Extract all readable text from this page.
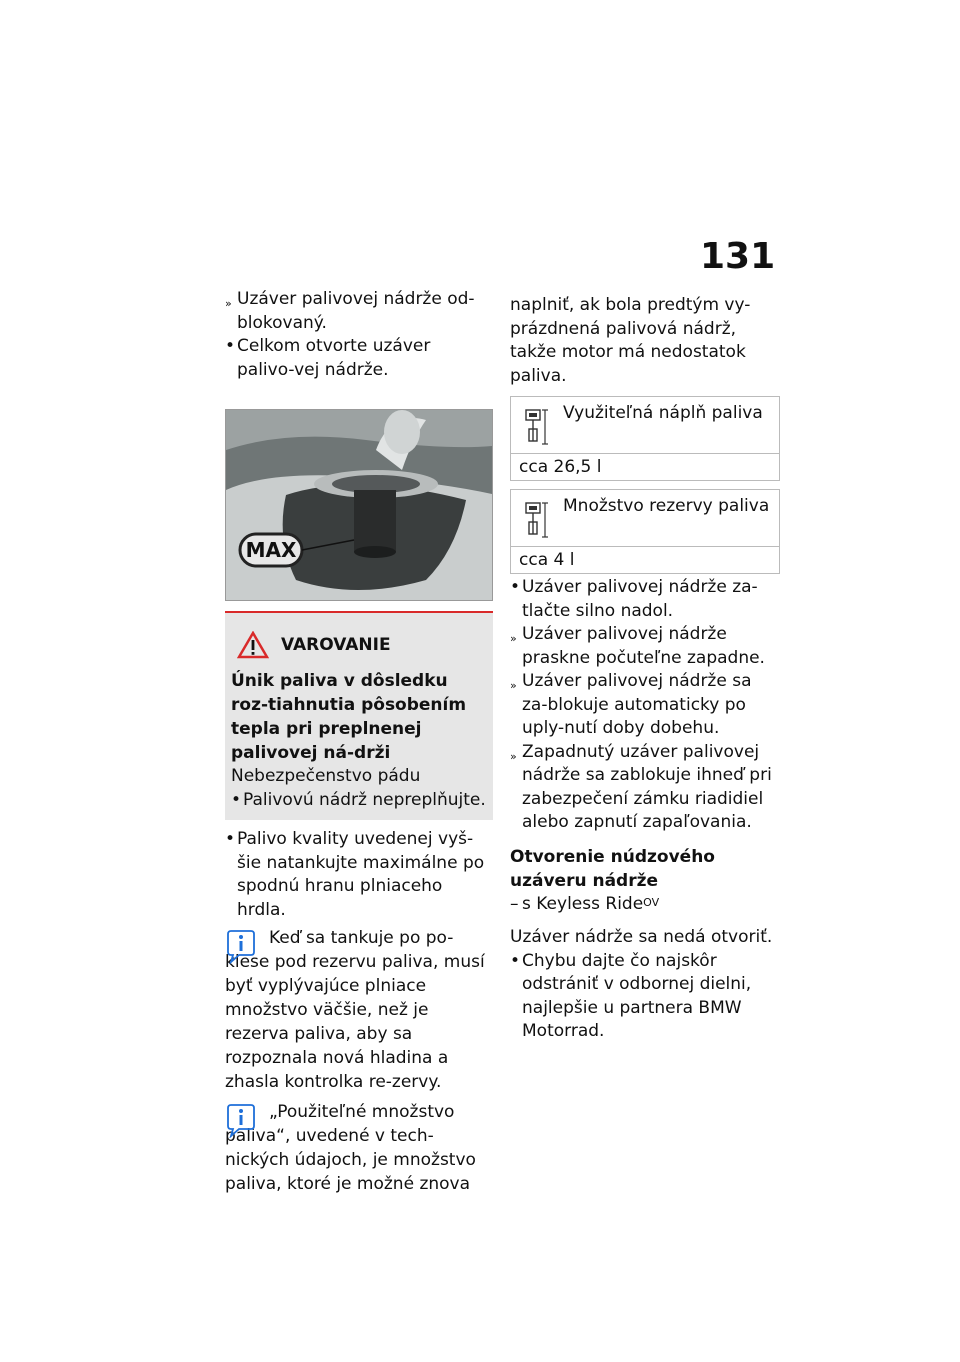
131
» Uzáver palivovej nádrže od-blokovaný.
• Celkom otvorte uzáver palivo-vej nádrže.
MAX
VAROVANIE
Únik paliva v dôsledku roz-tiahnutia pôsobením tepla pri preplnenej palivovej ná-drži
Nebezpečenstvo pádu
• Palivovú nádrž nepreplňujte.
• Palivo kvality uvedenej vyš-šie natankujte maximálne po spodnú hranu plniaceho hrdla.
Keď sa tankuje po po-klese pod rezervu paliva, musí byť vyplývajúce plniace množstvo väčšie, než je rezerva paliva, aby sa rozpoznala nová hladina a zhasla kontrolka re-zervy.
„Použiteľné množstvo paliva“, uvedené v tech-nických údajoch, je množstvo paliva, ktoré je možné znova
naplniť, ak bola predtým vy-prázdnená palivová nádrž, takže motor má nedostatok paliva.
Využiteľná náplň paliva
cca 26,5 l
Množstvo rezervy paliva
cca 4 l
• Uzáver palivovej nádrže za-tlačte silno nadol.
» Uzáver palivovej nádrže praskne počuteľne zapadne.
» Uzáver palivovej nádrže sa za-blokuje automaticky po uply-nutí doby dobehu.
» Zapadnutý uzáver palivovej nádrže sa zablokuje ihneď pri zabezpečení zámku riadidiel alebo zapnutí zapaľovania.
Otvorenie núdzového uzáveru nádrže
– s Keyless Ride$^{OV}$
Uzáver nádrže sa nedá otvoriť.
• Chybu dajte čo najskôr odstrániť v odbornej dielni, najlepšie u partnera BMW Motorrad.
